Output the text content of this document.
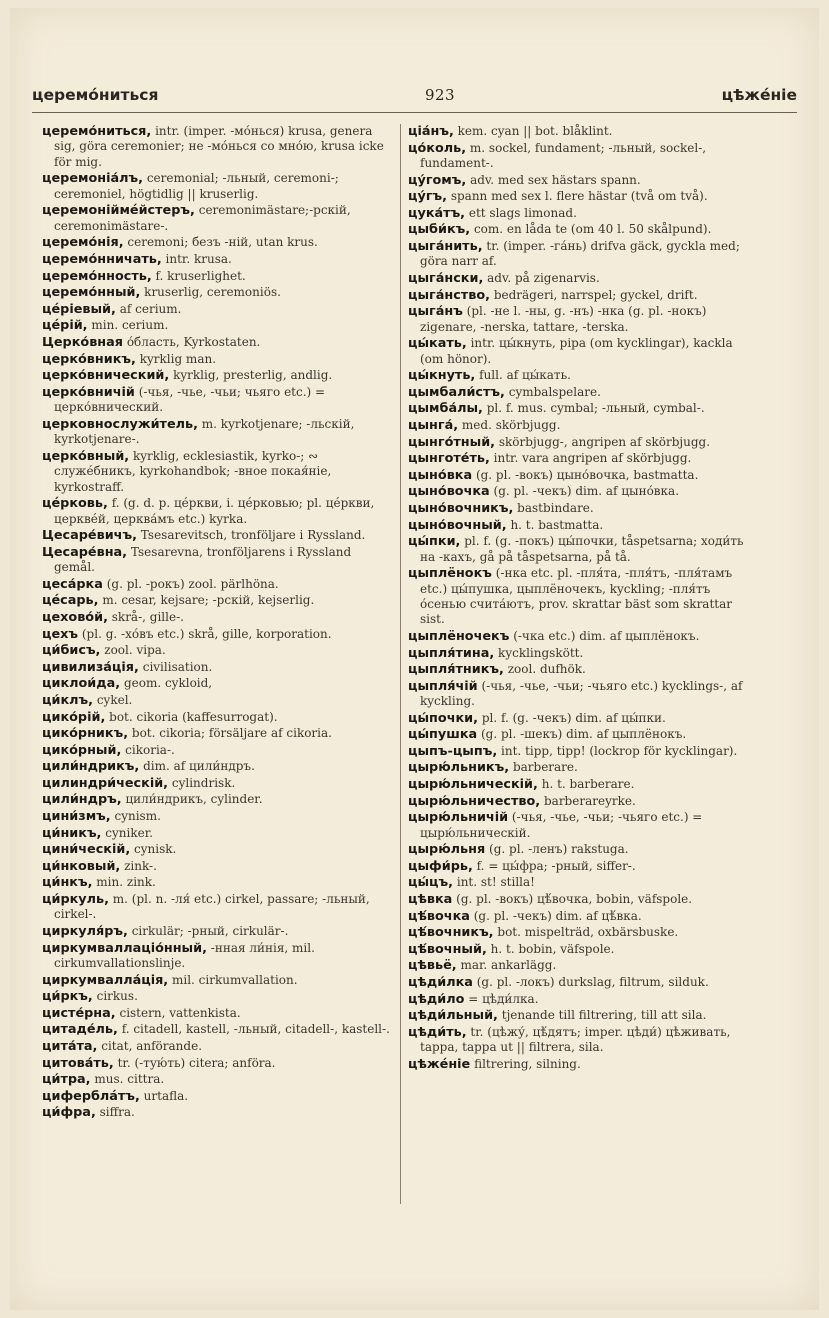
церемо́ниться	923	цѣжéнiе

церемо́ниться, intr. (imper. -мо́ньcя) krusa, genera sig, göra ceremonier; не -мо́ньcя со мно́ю, krusa icke för mig.

церемонiа́лъ, ceremonial; -льный, ceremoni-; ceremoniel, högtidlig || kruserlig.

церемонiймéйстеръ, ceremonimästare;-рскiй, ceremonimästare-.

церемо́нiя, ceremoni; безъ -нiй, utan krus.

церемо́нничать, intr. krusa.

церемо́нность, f. kruserlighet.

церемо́нный, kruserlig, ceremoniös.

цéрiевый, af cerium.

цéрiй, min. cerium.

Церко́вная о́бласть, Kyrkostaten.

церко́вникъ, kyrklig man.

церко́внический, kyrklig, presterlig, andlig.

церко́вничiй (-чья, -чье, -чьи; чьяго etc.) = церко́внический.

церковнослужи́тель, m. kyrkotjenare; -льскiй, kyrkotjenare-.

церко́вный, kyrklig, ecklesiastik, kyrko-; ∾ служéбникъ, kyrkohandbok; -вное покая́нiе, kyrkostraff.

цéрковь, f. (g. d. p. цéркви, i. цéрковью; pl. цéркви, церквéй, церква́мъ etc.) kyrka.

Цесаре́вичъ, Tsesarevitsch, tronföljare i Ryssland.

Цесаре́вна, Tsesarevna, tronföljarens i Ryssland gemål.

цеса́рка (g. pl. -рокъ) zool. pärlhöna.

цéсарь, m. cesar, kejsare; -рскiй, kejserlig.

цехово́й, skrå-, gille-.

цехъ (pl. g. -хо́въ etc.) skrå, gille, korporation.

ци́бисъ, zool. vipa.

цивилиза́цiя, civilisation.

циклои́да, geom. cykloid,

ци́клъ, cykel.

цико́рiй, bot. cikoria (kaffesurrogat).

цико́рникъ, bot. cikoria; försäljare af cikoria.

цико́рный, cikoria-.

цили́ндрикъ, dim. af цили́ндръ.

цилиндри́ческiй, cylindrisk.

цили́ндръ, цили́ндрикъ, cylinder.

цини́змъ, cynism.

ци́никъ, cyniker.

цини́ческiй, cynisk.

ци́нковый, zink-.

ци́нкъ, min. zink.

ци́ркуль, m. (pl. n. -ля́ etc.) cirkel, passare; -льный, cirkel-.

циркуля́ръ, cirkulär; -рный, cirkulär-.

циркумваллацiо́нный, -нная ли́нiя, mil. cirkumvallationslinje.

циркумвалла́цiя, mil. cirkumvallation.

ци́ркъ, cirkus.

цисте́рна, cistern, vattenkista.

цитаде́ль, f. citadell, kastell, -льный, citadell-, kastell-.

цита́та, citat, anförande.

цитова́ть, tr. (-тую́ть) citera; anföra.

ци́тра, mus. cittra.

циферблáтъ, urtafla.

ци́фра, siffra.

цiа́нъ, kem. cyan || bot. blåklint.

цо́коль, m. sockel, fundament; -льный, sockel-, fundament-.

цу́гомъ, adv. med sex hästars spann.

цу́гъ, spann med sex l. flere hästar (två om två).

цука́тъ, ett slags limonad.

цыби́къ, com. en låda te (om 40 l. 50 skålpund).

цыга́нить, tr. (imper. -га́нь) drifva gäck, gyckla med; göra narr af.

цыга́нски, adv. på zigenarvis.

цыга́нство, bedrägeri, narrspel; gyckel, drift.

цыга́нъ (pl. -не l. -ны, g. -нъ) -нка (g. pl. -нокъ) zigenare, -nerska, tattare, -terska.

цы́кать, intr. цы́кнуть, pipa (om kycklingar), kackla (om hönor).

цы́кнуть, full. af цы́кать.

цымбали́стъ, cymbalspelare.

цымба́лы, pl. f. mus. cymbal; -льный, cymbal-.

цынга́, med. skörbjugg.

цынго́тный, skörbjugg-, angripen af skörbjugg.

цынготе́ть, intr. vara angripen af skörbjugg.

цыно́вка (g. pl. -вокъ) цыно́вочка, bastmatta.

цыно́вочка (g. pl. -чекъ) dim. af цыно́вка.

цыно́вочникъ, bastbindare.

цыно́вочный, h. t. bastmatta.

цы́пки, pl. f. (g. -покъ) цы́почки, tåspetsarna; ходи́ть на -кахъ, gå på tåspetsarna, på tå.

цыплёнокъ (-нка etc. pl. -пля́та, -пля́тъ, -пля́тамъ etc.) цы́пушка, цыплёночекъ, kyckling; -пля́тъ о́сенью счита́ютъ, prov. skrattar bäst som skrattar sist.

цыплёночекъ (-чка etc.) dim. af цыплёнокъ.

цыпля́тина, kycklingskött.

цыпля́тникъ, zool. dufhök.

цыпля́чiй (-чья, -чье, -чьи; -чьяго etc.) kycklings-, af kyckling.

цы́почки, pl. f. (g. -чекъ) dim. af цы́пки.

цы́пушка (g. pl. -шекъ) dim. af цыплёнокъ.

цыпъ-цыпъ, int. tipp, tipp! (lockrop för kycklingar).

цырю́льникъ, barberare.

цырю́льническiй, h. t. barberare.

цырю́льничество, barberareyrke.

цырю́льничiй (-чья, -чье, -чьи; -чьяго etc.) = цырю́льническiй.

цырю́льня (g. pl. -ленъ) rakstuga.

цыфи́рь, f. = цы́фра; -рный, siffer-.

цы́цъ, int. st! stilla!

цѣвка (g. pl. -вокъ) цѣ́вочка, bobin, väfspole.

цѣ́вочка (g. pl. -чекъ) dim. af цѣ́вка.

цѣ́вочникъ, bot. mispelträd, oxbärsbuske.

цѣ́вочный, h. t. bobin, väfspole.

цѣвьё, mar. ankarlägg.

цѣди́лка (g. pl. -локъ) durkslag, filtrum, silduk.

цѣди́ло = цѣди́лка.

цѣди́льный, tjenande till filtrering, till att sila.

цѣди́ть, tr. (цѣжу́, цѣ́дятъ; imper. цѣди́) цѣживать, tappa, tappa ut || filtrera, sila.

цѣжéнiе filtrering, silning.
